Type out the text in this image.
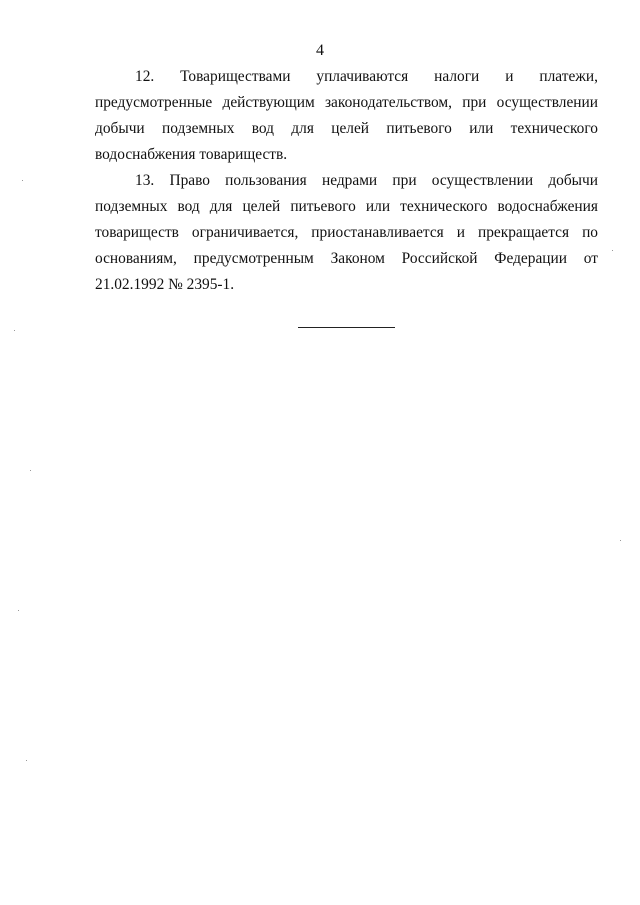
4

12. Товариществами уплачиваются налоги и платежи, предусмотренные действующим законодательством, при осуществлении добычи подземных вод для целей питьевого или технического водоснабжения товариществ.

13. Право пользования недрами при осуществлении добычи подземных вод для целей питьевого или технического водоснабжения товариществ ограничивается, приостанавливается и прекращается по основаниям, предусмотренным Законом Российской Федерации от 21.02.1992 № 2395-1.
